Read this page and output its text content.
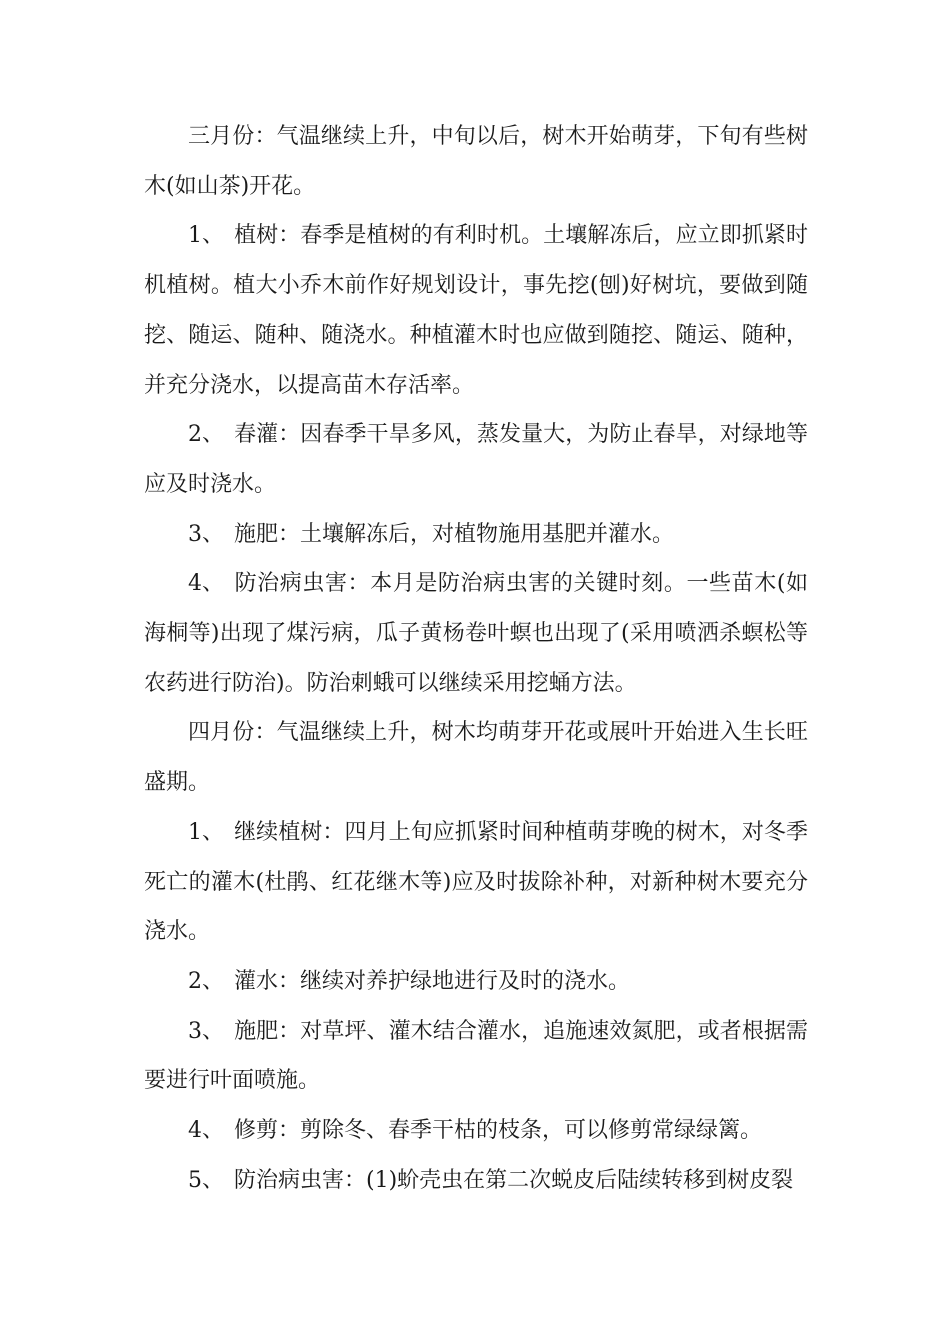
三月份：气温继续上升，中旬以后，树木开始萌芽，下旬有些树木(如山茶)开花。

1、 植树：春季是植树的有利时机。土壤解冻后，应立即抓紧时机植树。植大小乔木前作好规划设计，事先挖(刨)好树坑，要做到随挖、随运、随种、随浇水。种植灌木时也应做到随挖、随运、随种，并充分浇水，以提高苗木存活率。

2、 春灌：因春季干旱多风，蒸发量大，为防止春旱，对绿地等应及时浇水。

3、 施肥：土壤解冻后，对植物施用基肥并灌水。

4、 防治病虫害：本月是防治病虫害的关键时刻。一些苗木(如海桐等)出现了煤污病，瓜子黄杨卷叶螟也出现了(采用喷洒杀螟松等农药进行防治)。防治刺蛾可以继续采用挖蛹方法。

四月份：气温继续上升，树木均萌芽开花或展叶开始进入生长旺盛期。

1、 继续植树：四月上旬应抓紧时间种植萌芽晚的树木，对冬季死亡的灌木(杜鹃、红花继木等)应及时拔除补种，对新种树木要充分浇水。

2、 灌水：继续对养护绿地进行及时的浇水。

3、 施肥：对草坪、灌木结合灌水，追施速效氮肥，或者根据需要进行叶面喷施。

4、 修剪：剪除冬、春季干枯的枝条，可以修剪常绿绿篱。

5、 防治病虫害：(1)蚧壳虫在第二次蜕皮后陆续转移到树皮裂
